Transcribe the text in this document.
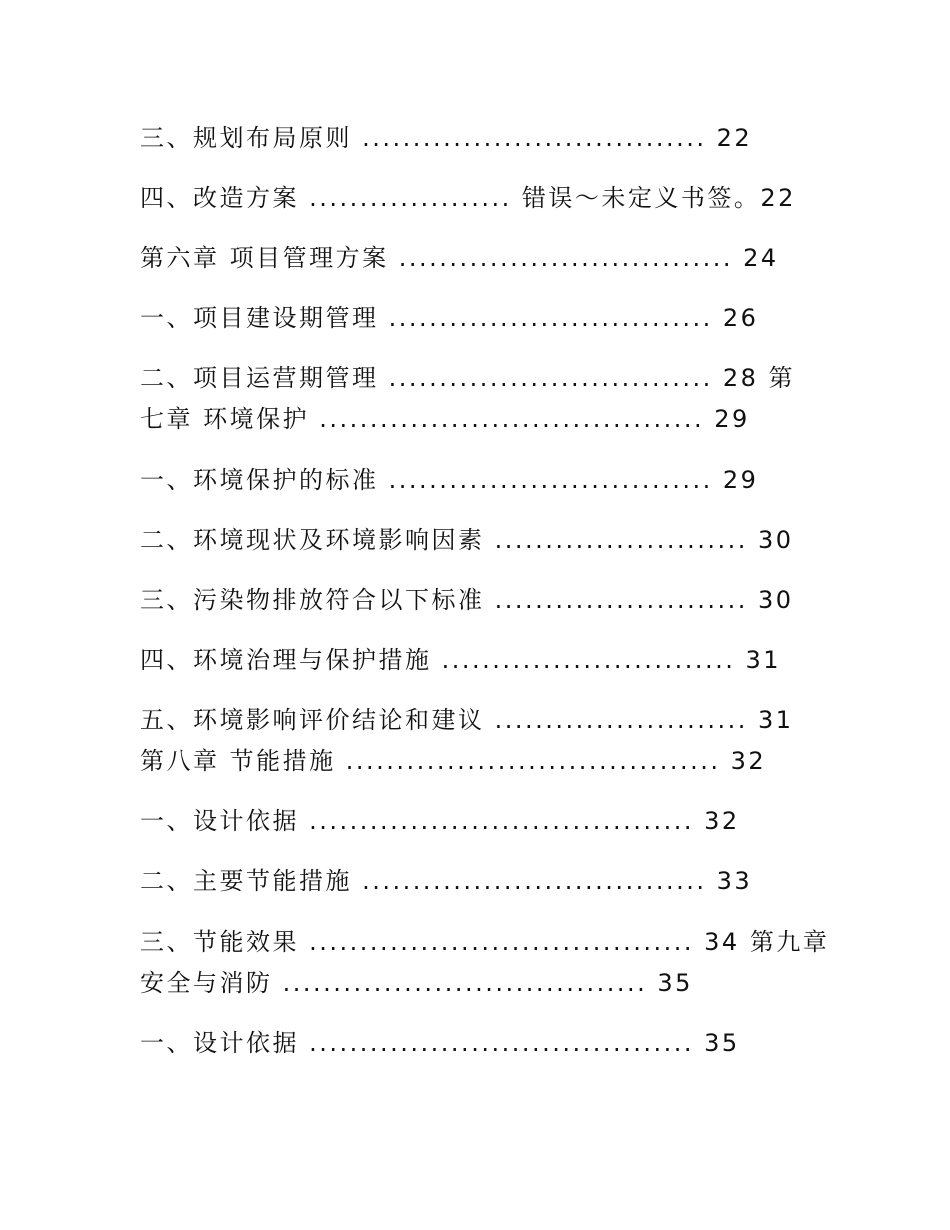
三、规划布局原则 .................................. 22
四、改造方案 .................... 错误～未定义书签。22
第六章 项目管理方案 ................................. 24
一、项目建设期管理 ................................ 26
二、项目运营期管理 ................................ 28 第
七章 环境保护 ...................................... 29
一、环境保护的标准 ................................ 29
二、环境现状及环境影响因素 ......................... 30
三、污染物排放符合以下标准 ......................... 30
四、环境治理与保护措施 ............................. 31
五、环境影响评价结论和建议 ......................... 31
第八章 节能措施 ..................................... 32
一、设计依据 ...................................... 32
二、主要节能措施 .................................. 33
三、节能效果 ...................................... 34 第九章
安全与消防 .................................... 35
一、设计依据 ...................................... 35
